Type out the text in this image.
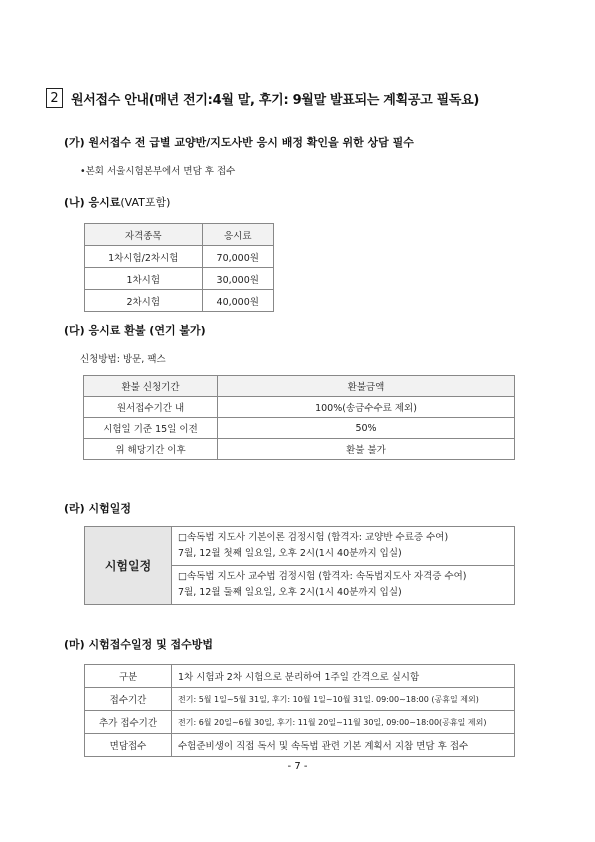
2 원서접수 안내(매년 전기:4월 말, 후기: 9월말 발표되는 계획공고 필독요)
(가) 원서접수 전 급별 교양반/지도사반 응시 배정 확인을 위한 상담 필수
•본회 서울시험본부에서 면담 후 접수
(나) 응시료(VAT포함)
자격종목	응시료
1차시험/2차시험	70,000원
1차시험	30,000원
2차시험	40,000원
(다) 응시료 환불 (연기 불가)
신청방법: 방문, 팩스
환불 신청기간	환불금액
원서접수기간 내	100%(송금수수료 제외)
시험일 기준 15일 이전	50%
위 해당기간 이후	환불 불가
(라) 시험일정
시험일정	
□속독법 지도사 기본이론 검정시험 (합격자: 교양반 수료증 수여)
7월, 12월 첫째 일요일, 오후 2시(1시 40분까지 입실)

□속독법 지도사 교수법 검정시험 (합격자: 속독법지도사 자격증 수여)
7월, 12월 둘째 일요일, 오후 2시(1시 40분까지 입실)
(마) 시험접수일정 및 접수방법
구분	1차 시험과 2차 시험으로 분리하여 1주일 간격으로 실시함
접수기간	전기: 5월 1일~5월 31일, 후기: 10월 1일~10월 31일. 09:00~18:00 (공휴일 제외)
추가 접수기간	전기: 6월 20일~6월 30일, 후기: 11월 20일~11월 30일, 09:00~18:00(공휴일 제외)
면담접수	수험준비생이 직접 독서 및 속독법 관련 기본 계획서 지참 면담 후 접수
- 7 -
